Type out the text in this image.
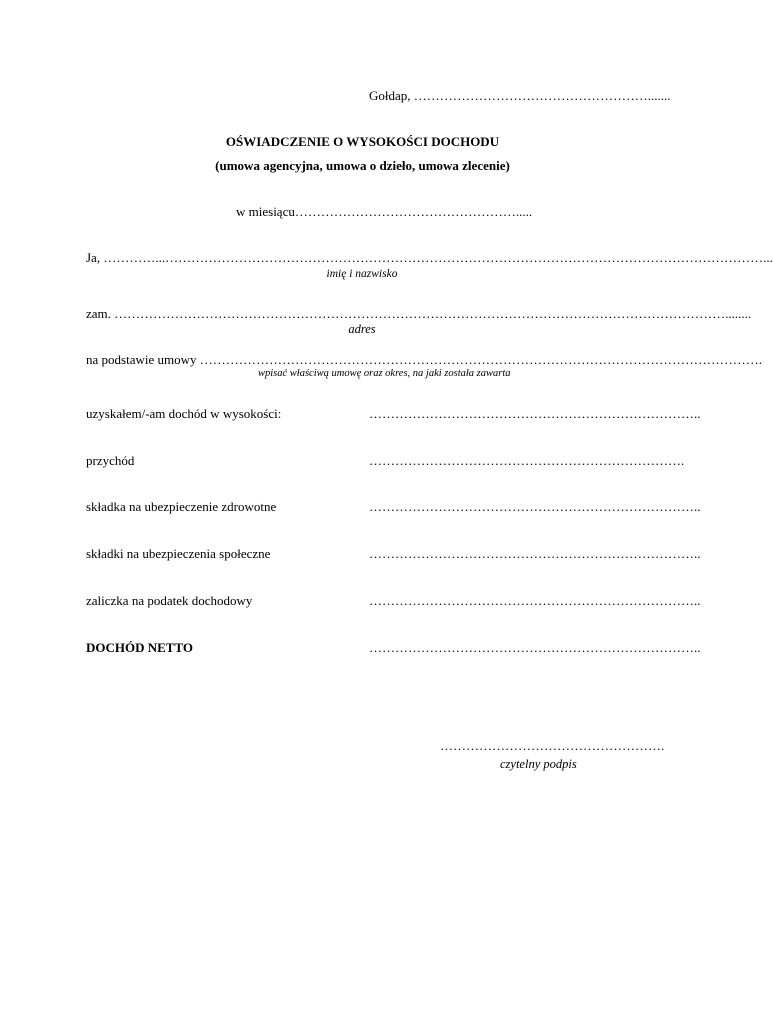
Gołdap, ……………………………………………….......
OŚWIADCZENIE O WYSOKOŚCI DOCHODU
(umowa agencyjna, umowa o dzieło, umowa zlecenie)
w miesiącu…………………………………………….....
Ja, …………...…………………………………………………………………………………………………………………………...
imię i nazwisko
zam. ……………………………………………………………………………………………………………………………........
adres
na podstawie umowy ………………………………………………………………………………………………………………….
wpisać właściwą umowę oraz okres, na jaki została zawarta
uzyskałem/-am dochód w wysokości:	…………………………………………………………………..
przychód	……………………………………………………………….
składka na ubezpieczenie zdrowotne	…………………………………………………………………..
składki na ubezpieczenia społeczne	…………………………………………………………………..
zaliczka na podatek dochodowy	…………………………………………………………………..
DOCHÓD NETTO	…………………………………………………………………..
…………………………………………….
czytelny podpis
